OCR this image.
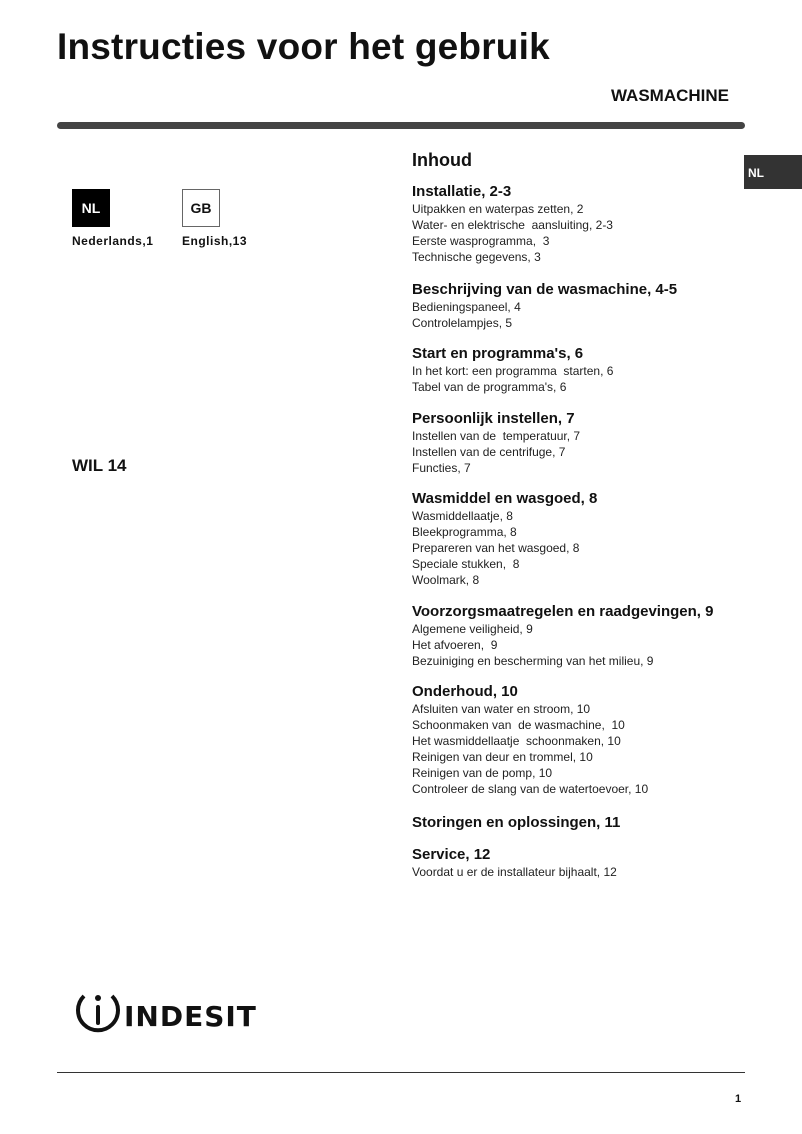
Instructies voor het gebruik
WASMACHINE
NL
NL	GB
Nederlands,1 English,13
WIL 14
Inhoud
Installatie, 2-3
Uitpakken en waterpas zetten, 2
Water- en elektrische  aansluiting, 2-3
Eerste wasprogramma,  3
Technische gegevens, 3
Beschrijving van de wasmachine, 4-5
Bedieningspaneel, 4
Controlelampjes, 5
Start en programma's, 6
In het kort: een programma  starten, 6
Tabel van de programma's, 6
Persoonlijk instellen, 7
Instellen van de  temperatuur, 7
Instellen van de centrifuge, 7
Functies, 7
Wasmiddel en wasgoed, 8
Wasmiddellaatje, 8
Bleekprogramma, 8
Prepareren van het wasgoed, 8
Speciale stukken,  8
Woolmark, 8
Voorzorgsmaatregelen en raadgevingen, 9
Algemene veiligheid, 9
Het afvoeren,  9
Bezuiniging en bescherming van het milieu, 9
Onderhoud, 10
Afsluiten van water en stroom, 10
Schoonmaken van  de wasmachine,  10
Het wasmiddellaatje  schoonmaken, 10
Reinigen van deur en trommel, 10
Reinigen van de pomp, 10
Controleer de slang van de watertoevoer, 10
Storingen en oplossingen, 11
Service, 12
Voordat u er de installateur bijhaalt, 12
INDESIT
1
